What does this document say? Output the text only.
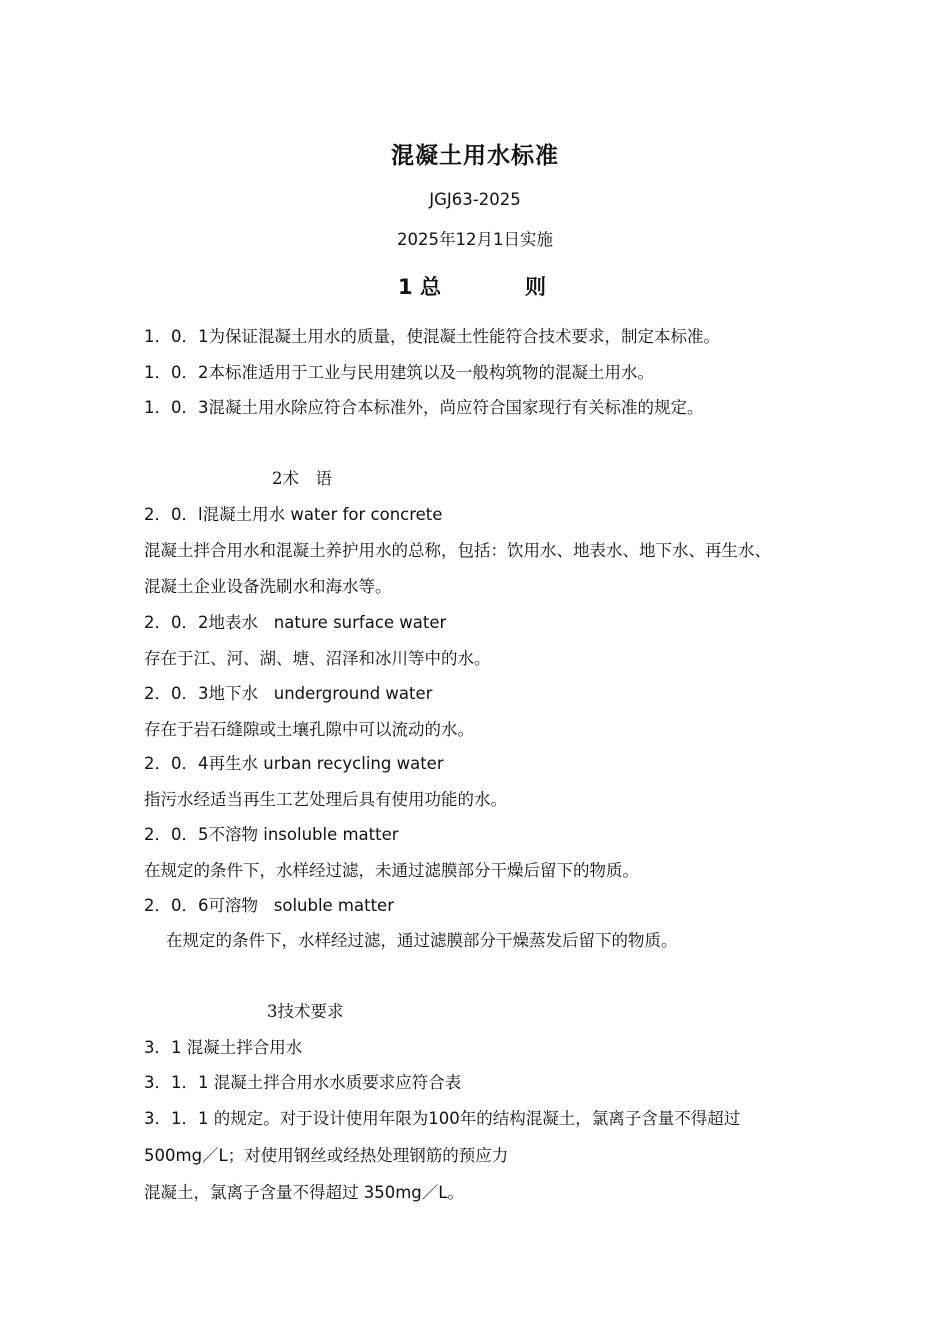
混凝土用水标准
JGJ63-2025
2025年12月1日实施
1 总	则
1．0．1为保证混凝土用水的质量，使混凝土性能符合技术要求，制定本标准。
1．0．2本标准适用于工业与民用建筑以及一般构筑物的混凝土用水。
1．0．3混凝土用水除应符合本标准外，尚应符合国家现行有关标准的规定。
2术　语
2．0．l混凝土用水 water for concrete
混凝土拌合用水和混凝土养护用水的总称，包括：饮用水、地表水、地下水、再生水、
混凝土企业设备洗刷水和海水等。
2．0．2地表水 nature surface water
存在于江、河、湖、塘、沼泽和冰川等中的水。
2．0．3地下水 underground water
存在于岩石缝隙或土壤孔隙中可以流动的水。
2．0．4再生水 urban recycling water
指污水经适当再生工艺处理后具有使用功能的水。
2．0．5不溶物 insoluble matter
在规定的条件下，水样经过滤，未通过滤膜部分干燥后留下的物质。
2．0．6可溶物 soluble matter
在规定的条件下，水样经过滤，通过滤膜部分干燥蒸发后留下的物质。
3技术要求
3．1 混凝土拌合用水
3．1．1 混凝土拌合用水水质要求应符合表
3．1．1 的规定。对于设计使用年限为100年的结构混凝土，氯离子含量不得超过
500mg／L；对使用钢丝或经热处理钢筋的预应力
混凝土，氯离子含量不得超过 350mg／L。
